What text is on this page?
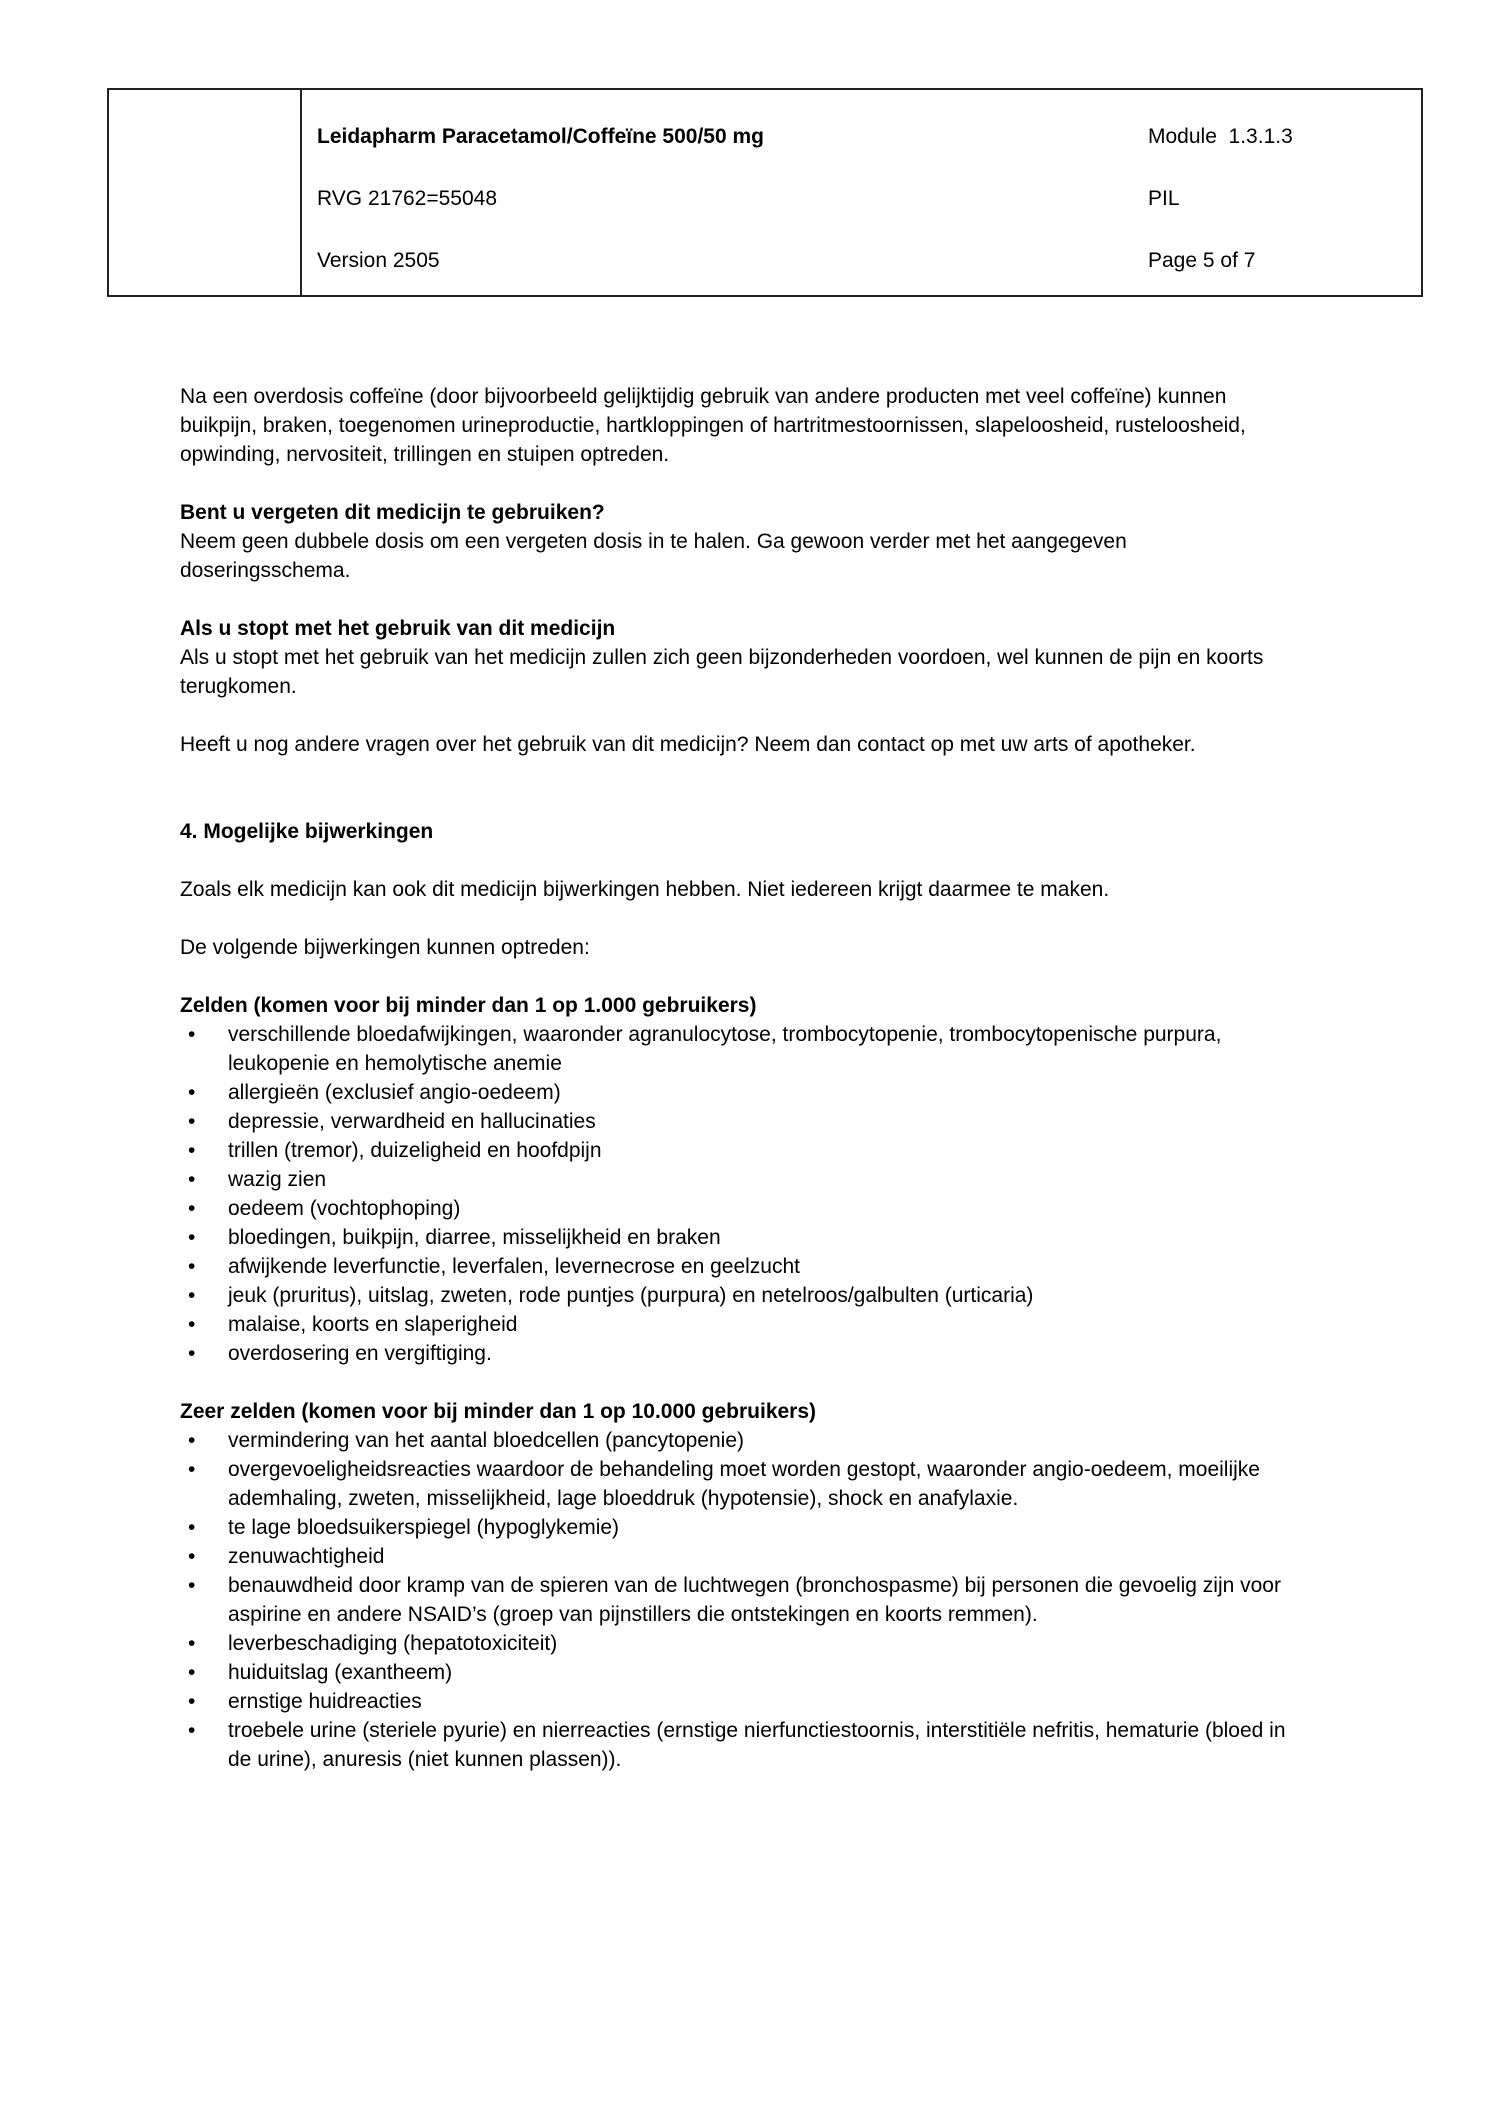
Leidapharm Paracetamol/Coffeïne 500/50 mg	Module  1.3.1.3
RVG 21762=55048	PIL
Version 2505	Page 5 of 7
Na een overdosis coffeïne (door bijvoorbeeld gelijktijdig gebruik van andere producten met veel coffeïne) kunnen buikpijn, braken, toegenomen urineproductie, hartkloppingen of hartritmestoornissen, slapeloosheid, rusteloosheid, opwinding, nervositeit, trillingen en stuipen optreden.
Bent u vergeten dit medicijn te gebruiken?
Neem geen dubbele dosis om een vergeten dosis in te halen. Ga gewoon verder met het aangegeven doseringsschema.
Als u stopt met het gebruik van dit medicijn
Als u stopt met het gebruik van het medicijn zullen zich geen bijzonderheden voordoen, wel kunnen de pijn en koorts terugkomen.
Heeft u nog andere vragen over het gebruik van dit medicijn? Neem dan contact op met uw arts of apotheker.
4. Mogelijke bijwerkingen
Zoals elk medicijn kan ook dit medicijn bijwerkingen hebben. Niet iedereen krijgt daarmee te maken.
De volgende bijwerkingen kunnen optreden:
Zelden (komen voor bij minder dan 1 op 1.000 gebruikers)
• verschillende bloedafwijkingen, waaronder agranulocytose, trombocytopenie, trombocytopenische purpura, leukopenie en hemolytische anemie
• allergieën (exclusief angio-oedeem)
• depressie, verwardheid en hallucinaties
• trillen (tremor), duizeligheid en hoofdpijn
• wazig zien
• oedeem (vochtophoping)
• bloedingen, buikpijn, diarree, misselijkheid en braken
• afwijkende leverfunctie, leverfalen, levernecrose en geelzucht
• jeuk (pruritus), uitslag, zweten, rode puntjes (purpura) en netelroos/galbulten (urticaria)
• malaise, koorts en slaperigheid
• overdosering en vergiftiging.
Zeer zelden (komen voor bij minder dan 1 op 10.000 gebruikers)
• vermindering van het aantal bloedcellen (pancytopenie)
• overgevoeligheidsreacties waardoor de behandeling moet worden gestopt, waaronder angio-oedeem, moeilijke ademhaling, zweten, misselijkheid, lage bloeddruk (hypotensie), shock en anafylaxie.
• te lage bloedsuikerspiegel (hypoglykemie)
• zenuwachtigheid
• benauwdheid door kramp van de spieren van de luchtwegen (bronchospasme) bij personen die gevoelig zijn voor aspirine en andere NSAID’s (groep van pijnstillers die ontstekingen en koorts remmen).
• leverbeschadiging (hepatotoxiciteit)
• huiduitslag (exantheem)
• ernstige huidreacties
• troebele urine (steriele pyurie) en nierreacties (ernstige nierfunctiestoornis, interstitiële nefritis, hematurie (bloed in de urine), anuresis (niet kunnen plassen)).
